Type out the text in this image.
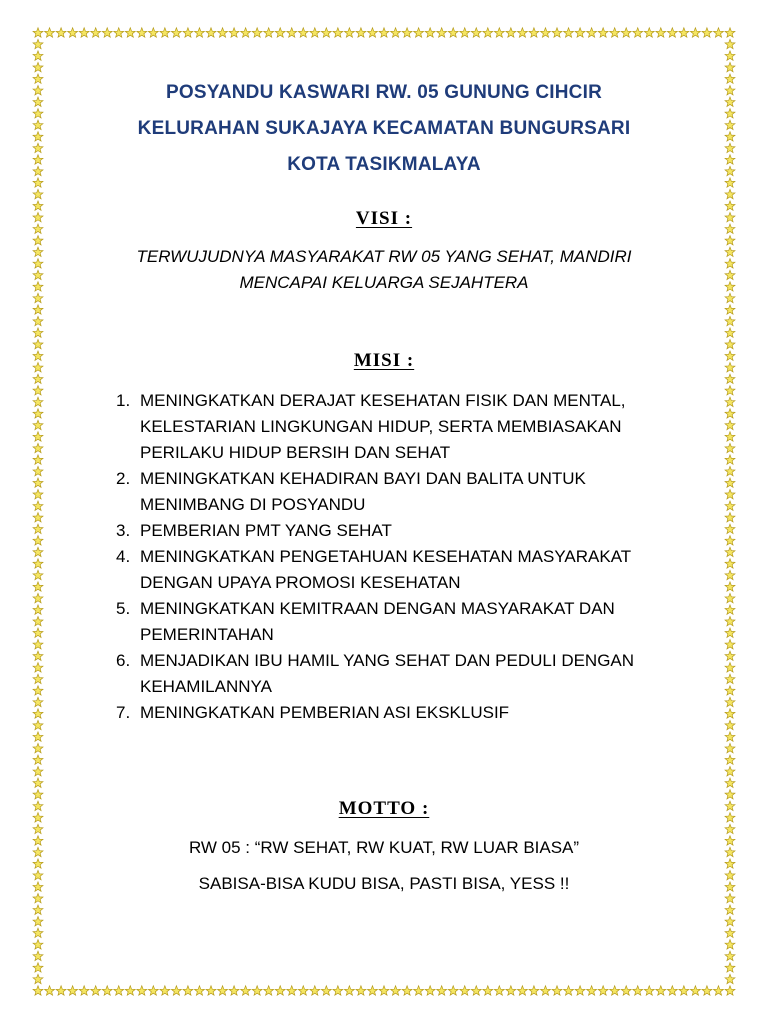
POSYANDU KASWARI RW. 05 GUNUNG CIHCIR
KELURAHAN SUKAJAYA KECAMATAN BUNGURSARI
KOTA TASIKMALAYA
VISI :
TERWUJUDNYA MASYARAKAT RW 05 YANG SEHAT, MANDIRI
MENCAPAI KELUARGA SEJAHTERA
MISI :
1. MENINGKATKAN DERAJAT KESEHATAN FISIK DAN MENTAL, KELESTARIAN LINGKUNGAN HIDUP, SERTA MEMBIASAKAN PERILAKU HIDUP BERSIH DAN SEHAT
2. MENINGKATKAN KEHADIRAN BAYI DAN BALITA UNTUK MENIMBANG DI POSYANDU
3. PEMBERIAN PMT YANG SEHAT
4. MENINGKATKAN PENGETAHUAN KESEHATAN MASYARAKAT DENGAN UPAYA PROMOSI KESEHATAN
5. MENINGKATKAN KEMITRAAN DENGAN MASYARAKAT DAN PEMERINTAHAN
6. MENJADIKAN IBU HAMIL YANG SEHAT DAN PEDULI DENGAN KEHAMILANNYA
7. MENINGKATKAN PEMBERIAN ASI EKSKLUSIF
MOTTO :
RW 05 : “RW SEHAT, RW KUAT, RW LUAR BIASA”
SABISA-BISA KUDU BISA, PASTI BISA, YESS !!
